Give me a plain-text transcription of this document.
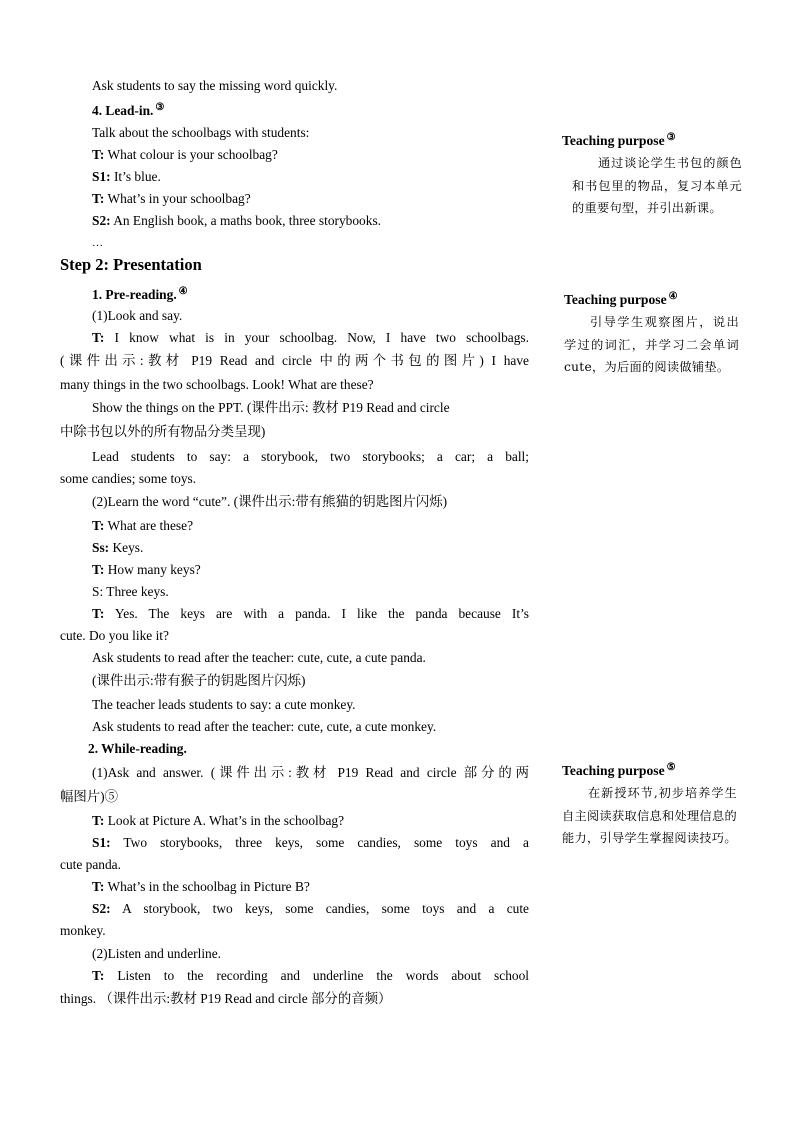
Ask students to say the missing word quickly.
4. Lead-in. ③
Talk about the schoolbags with students:
T: What colour is your schoolbag?
S1: It’s blue.
T: What’s in your schoolbag?
S2: An English book, a maths book, three storybooks.
…
Step 2: Presentation
1. Pre-reading. ④
(1)Look and say.
T: I know what is in your schoolbag. Now, I have two schoolbags.
(课件出示:教材 P19 Read and circle 中的两个书包的图片) I have
many things in the two schoolbags. Look! What are these?
Show the things on the PPT. (课件出示: 教材 P19 Read and circle
中除书包以外的所有物品分类呈现)
Lead students to say: a storybook, two storybooks; a car; a ball;
some candies; some toys.
(2)Learn the word “cute”. (课件出示:带有熊猫的钥匙图片闪烁)
T: What are these?
Ss: Keys.
T: How many keys?
S: Three keys.
T: Yes. The keys are with a panda. I like the panda because It’s
cute. Do you like it?
Ask students to read after the teacher: cute, cute, a cute panda.
(课件出示:带有猴子的钥匙图片闪烁)
The teacher leads students to say: a cute monkey.
Ask students to read after the teacher: cute, cute, a cute monkey.
2. While-reading.
(1)Ask and answer. (课件出示:教材 P19 Read and circle 部分的两
幅图片)⑤
T: Look at Picture A. What’s in the schoolbag?
S1: Two storybooks, three keys, some candies, some toys and a
cute panda.
T: What’s in the schoolbag in Picture B?
S2: A storybook, two keys, some candies, some toys and a cute
monkey.
(2)Listen and underline.
T: Listen to the recording and underline the words about school
things. （课件出示:教材 P19 Read and circle 部分的音频）
Teaching purpose ③
通过谈论学生书包的颜色和书包里的物品，复习本单元的重要句型，并引出新课。
Teaching purpose ④
引导学生观察图片，说出学过的词汇，并学习二会单词 cute，为后面的阅读做铺垫。
Teaching purpose ⑤
在新授环节,初步培养学生自主阅读获取信息和处理信息的能力，引导学生掌握阅读技巧。
